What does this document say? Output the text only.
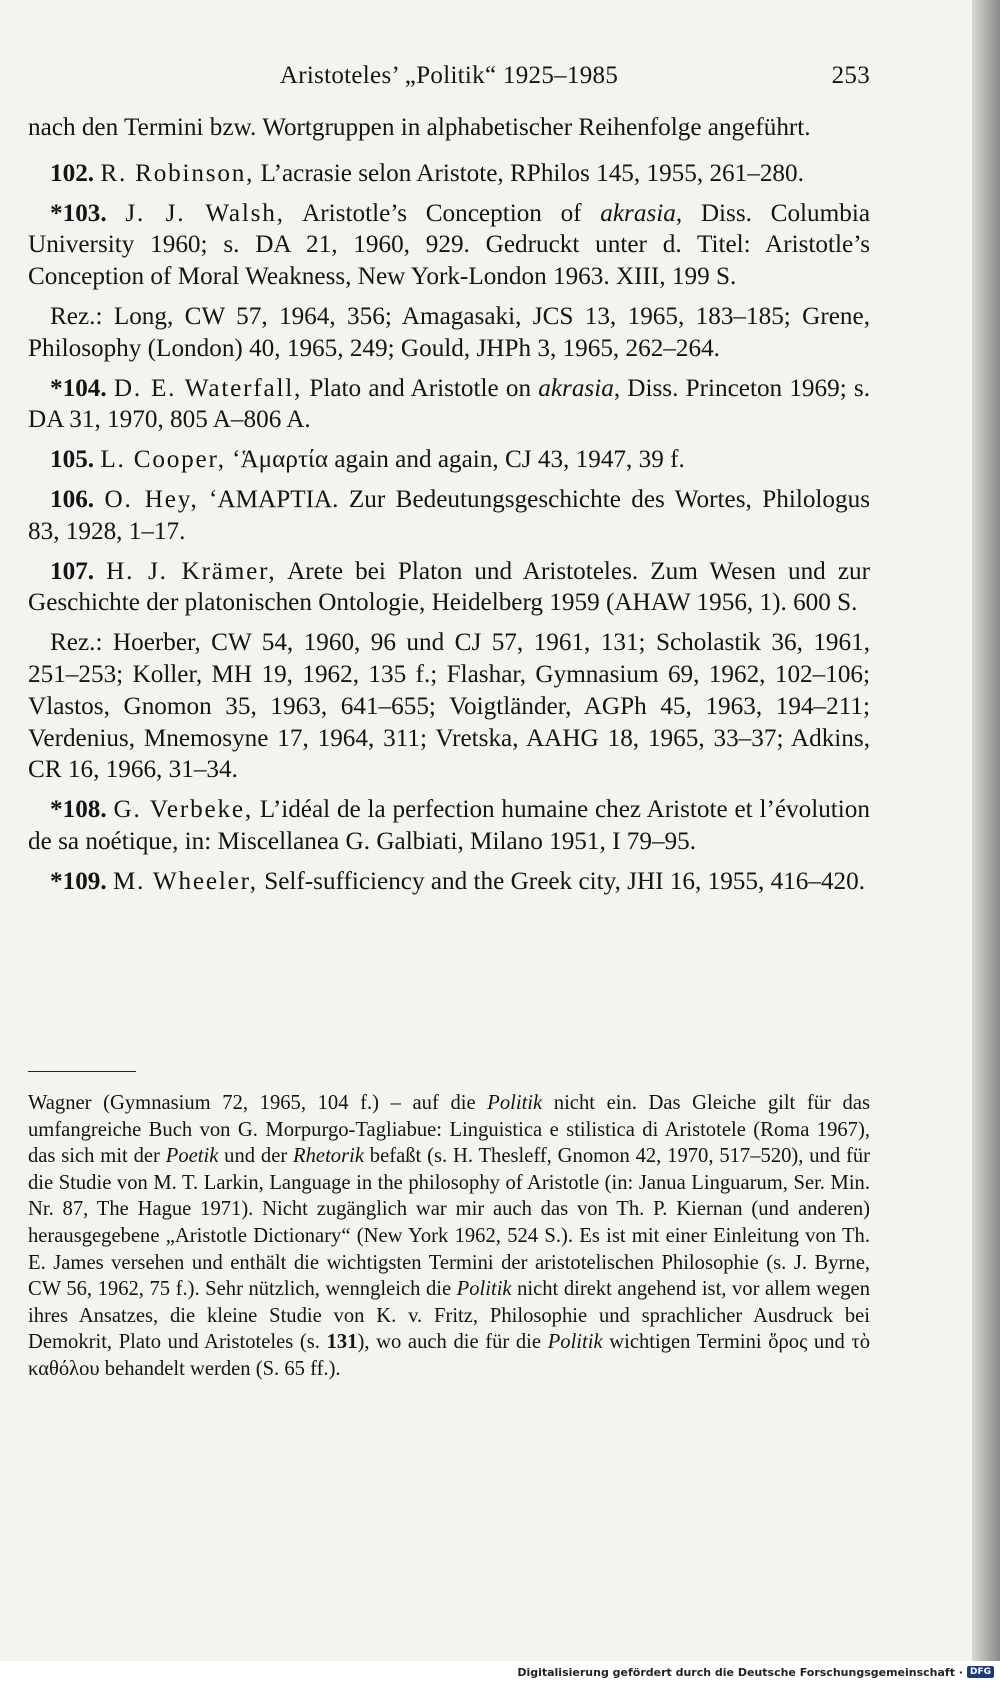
Aristoteles’ „Politik“ 1925–1985	253

nach den Termini bzw. Wortgruppen in alphabetischer Reihenfolge angeführt.

102. R. Robinson, L’acrasie selon Aristote, RPhilos 145, 1955, 261–280.

*103. J. J. Walsh, Aristotle’s Conception of akrasia, Diss. Columbia University 1960; s. DA 21, 1960, 929. Gedruckt unter d. Titel: Aristotle’s Conception of Moral Weakness, New York-London 1963. XIII, 199 S.

Rez.: Long, CW 57, 1964, 356; Amagasaki, JCS 13, 1965, 183–185; Grene, Philosophy (London) 40, 1965, 249; Gould, JHPh 3, 1965, 262–264.

*104. D. E. Waterfall, Plato and Aristotle on akrasia, Diss. Princeton 1969; s. DA 31, 1970, 805 A–806 A.

105. L. Cooper, ‘Ἁμαρτία again and again, CJ 43, 1947, 39 f.

106. O. Hey, ‘ΑΜΑΡΤΙΑ. Zur Bedeutungsgeschichte des Wortes, Philologus 83, 1928, 1–17.

107. H. J. Krämer, Arete bei Platon und Aristoteles. Zum Wesen und zur Geschichte der platonischen Ontologie, Heidelberg 1959 (AHAW 1956, 1). 600 S.

Rez.: Hoerber, CW 54, 1960, 96 und CJ 57, 1961, 131; Scholastik 36, 1961, 251–253; Koller, MH 19, 1962, 135 f.; Flashar, Gymnasium 69, 1962, 102–106; Vlastos, Gnomon 35, 1963, 641–655; Voigtländer, AGPh 45, 1963, 194–211; Verdenius, Mnemosyne 17, 1964, 311; Vretska, AAHG 18, 1965, 33–37; Adkins, CR 16, 1966, 31–34.

*108. G. Verbeke, L’idéal de la perfection humaine chez Aristote et l’évolution de sa noétique, in: Miscellanea G. Galbiati, Milano 1951, I 79–95.

*109. M. Wheeler, Self-sufficiency and the Greek city, JHI 16, 1955, 416–420.

Wagner (Gymnasium 72, 1965, 104 f.) – auf die Politik nicht ein. Das Gleiche gilt für das umfangreiche Buch von G. Morpurgo-Tagliabue: Linguistica e stilistica di Aristotele (Roma 1967), das sich mit der Poetik und der Rhetorik befaßt (s. H. Thesleff, Gnomon 42, 1970, 517–520), und für die Studie von M. T. Larkin, Language in the philosophy of Aristotle (in: Janua Linguarum, Ser. Min. Nr. 87, The Hague 1971). Nicht zugänglich war mir auch das von Th. P. Kiernan (und anderen) herausgegebene „Aristotle Dictionary“ (New York 1962, 524 S.). Es ist mit einer Einleitung von Th. E. James versehen und enthält die wichtigsten Termini der aristotelischen Philosophie (s. J. Byrne, CW 56, 1962, 75 f.). Sehr nützlich, wenngleich die Politik nicht direkt angehend ist, vor allem wegen ihres Ansatzes, die kleine Studie von K. v. Fritz, Philosophie und sprachlicher Ausdruck bei Demokrit, Plato und Aristoteles (s. 131), wo auch die für die Politik wichtigen Termini ὅρος und τὸ καθόλου behandelt werden (S. 65 ff.).

Digitalisierung gefördert durch die Deutsche Forschungsgemeinschaft · DFG
